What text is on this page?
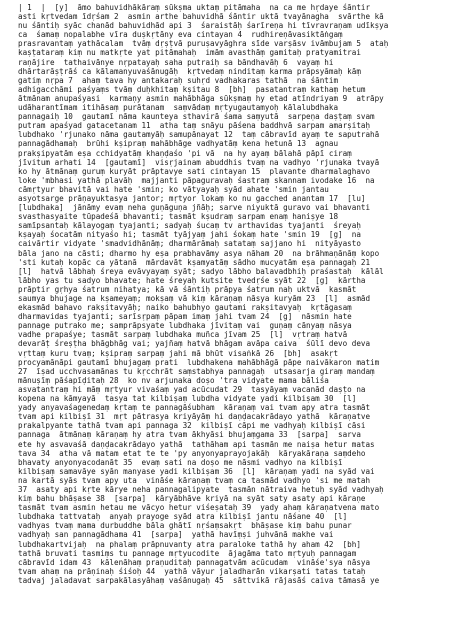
| 1  |  [y]  āmo bahuvidhākāraṃ sūkṣma uktaṃ pitāmaha  na ca me hṛdaye śāntir
asti kṛtvedam īdṛśam 2  asmin arthe bahuvidhā śāntir uktā tvayānagha  svārthe kā
nu śāntiḥ syāc chanād bahuvidhād api 3  śaraistāḥ śarīreṇa hi tīvravraṇam udīkṣya
ca  śamaṃ nopalabhe vīra duṣkṛtāny eva cintayan 4  rudhireṇāvasiktāṅgaṃ
prasravantaṃ yathācalam  tvāṃ dṛṣṭvā puruṣavyāghra sīde varṣāsv ivāmbujam 5  ataḥ
kaṣṭataraṃ kiṃ nu matkṛte yat pitāmahaḥ  imām avasthāṃ gamitaḥ pratyamitrai
raṇājire  tathaivānye nṛpatayaḥ saha putraiḥ sa bāndhavāḥ 6  vayaṃ hi
dhārtarāṣṭrāś ca kālamanyuvaśānugāḥ  kṛtvedaṃ ninditaṃ karma prāpsyāmaḥ kāṃ
gatiṃ nṛpa 7  ahaṃ tava hy antakaraḥ suhṛd vadhakaras tathā  na śāntim
adhigacchāmi paśyaṃs tvāṃ duḥkhitaṃ kṣitau 8  [bh]  pasatantraṃ kathaṃ hetum
ātmānam anupaśyasi  karmaṇy asmin mahābhāga sūkṣmaṃ hy etad atīndriyam 9  atrāpy
udāharantīmam itihāsaṃ purātanam  saṃvādaṃ mṛtyugautamyoḥ kālalubdhaka
pannagaiḥ 10  gautamī nāma kaunteya sthavirā śama saṃyutā  sarpeṇa daṣṭaṃ svam
putram apaśyad gatacetanam 11  atha taṃ snāyu pāśena baddhvā sarpam amarṣitaḥ
lubdhako 'rjunako nāma gautamyāḥ samupānayat 12  taṃ cābravīd ayaṃ te saputrahā
pannagādhamaḥ  brūhi kṣipraṃ mahābhāge vadhyatāṃ kena hetunā 13  agnau
prakṣipyatām eṣa cchidyatāṃ khaṇḍaśo 'pi vā  na hy ayaṃ bālahā pāpī ciraṃ
jīvitum arhati 14  [gautamī]  visṛjainam abuddhis tvaṃ na vadhyo 'rjunaka tvayā
ko hy ātmānaṃ guruṃ kuryāt prāptavye sati cintayan 15  plavante dharmalaghavo
loke 'mbhasi yathā plavāḥ  majjanti pāpaguravaḥ śastraṃ skannam ivodake 16  na
cāmṛtyur bhavitā vai hate 'smin; ko vātyayaḥ syād ahate 'smin jantau
asyotsarge prāṇayuktasya jantor; mṛtyor lokaṃ ko nu gacched anantam 17  [lu]
[lubdhaka]  jānāmy evaṃ neha guṇāguṇa jñāḥ; sarve niyuktā guravo vai bhavanti
svasthasyaite tūpadeśā bhavanti; tasmāt kṣudraṃ sarpam enaṃ haniṣye 18
samīpsantaḥ kālayogaṃ tyajanti; sadyaḥ śucaṃ tv arthavidas tyajanti  śreyaḥ
kṣayaḥ śocatām nityaśo hi; tasmāt tyājyaṃ jahi śokaṃ hate 'smin 19  [g]  na
caivārtir vidyate 'smadvidhānāṃ; dharmārāmaḥ satataṃ sajjano hi  nityāyasto
bāla jano na cāsti; dharmo hy eṣa prabhavāmy asya nāham 20  na brāhmaṇānāṃ kopo
'sti kutaḥ kopāc ca yātanā  mārdavāt kṣamyatāṃ sādho mucyatām eṣa pannagaḥ 21
[l]  hatvā lābhaḥ śreya evāvyayaṃ syāt; sadyo lābho balavadbhiḥ praśastaḥ  kālāl
lābho yas tu sadyo bhavate; hate śreyaḥ kutsite tvedṛśe syāt 22  [g]  kārtha
prāptir gṛhya śatrum nihatya; kā vā śāntiḥ prāpya śatrum naḥ uktvā  kasmāt
saumya bhujage na kṣameyaṃ; mokṣaṃ vā kiṃ kāraṇaṃ nāsya kuryām 23  [l]  asmād
ekasmād bahavo rakṣitavyāḥ; naiko bahubhyo gautami rakṣitavyaḥ  kṛtāgasaṃ
dharmavidas tyajanti; sarīsṛpaṃ pāpam imaṃ jahi tvam 24  [g]  nāsmin hate
pannage putrako me; samprāpsyate lubdhaka jīvitaṃ vai  guṇaṃ cānyaṃ nāsya
vadhe prapaśye; tasmāt sarpaṃ lubdhaka muñca jīvam 25  [l]  vṛtraṃ hatvā
devarāṭ śreṣṭha bhāgbhāg vai; yajñaṃ hatvā bhāgam avāpa caiva  śūlī devo deva
vṛttaṃ kuru tvaṃ; kṣipraṃ sarpaṃ jahi mā bhūt visaṅkā 26  [bh]  asakṛt
procyamānāpi gautamī bhujagaṃ prati  lubdhakena mahābhāgā pāpe naivākaron matim
27  īṣad ucchvasamānas tu kṛcchrāt saṃstabhya pannagaḥ  utsasarja giraṃ mandaṃ
mānuṣīṃ pāśapīḍitaḥ 28  ko nv arjunaka doṣo 'tra vidyate mama bāliśa
asvatantraṃ hi māṃ mṛtyur vivaśaṃ yad acūcudat 29  tasyāyaṃ vacanād daṣṭo na
kopena na kāmyayā  tasya tat kilbiṣaṃ lubdha vidyate yadi kilbiṣam 30  [l]
yady anyavaśagenedaṃ kṛtaṃ te pannagāśubham  kāraṇaṃ vai tvam apy atra tasmāt
tvam api kilbiṣī 31  mṛt pātrasya kriyāyāṃ hi daṇḍacakrādayo yathā  kāraṇatve
prakalpyante tathā tvam api pannaga 32  kilbiṣī cāpi me vadhyaḥ kilbiṣī cāsi
pannaga  ātmānaṃ kāraṇaṃ hy atra tvam ākhyāsi bhujaṃgama 33  [sarpa]  sarva
ete hy asvavaśā daṇḍacakrādayo yathā  tathāham api tasmān me naiṣa hetur matas
tava 34  atha vā matam etat te te 'py anyonyaprayojakāḥ  kāryakāraṇa saṃdeho
bhavaty anyonyacodanāt 35  evaṃ sati na doṣo me nāsmi vadhyo na kilbiṣī
kilbiṣaṃ samavāye syān manyase yadi kilbiṣam 36  [l]  kāraṇaṃ yadi na syād vai
na kartā syās tvam apy uta  vināśe kāraṇaṃ tvaṃ ca tasmād vadhyo 'si me matah
37  asaty api kṛte kārye neha pannagalipyate  tasmān nātraiva hetuḥ syād vadhyaḥ
kiṃ bahu bhāṣase 38  [sarpa]  kāryābhāve kriyā na syāt saty asaty api kāraṇe
tasmāt tvam asmin hetau me vācyo hetur viśeṣataḥ 39  yady ahaṃ kāraṇatvena mato
lubdhaka tattvataḥ  anyaḥ prayoge syād atra kilbiṣī jantu nāśane 40  [l]
vadhyas tvaṃ mama durbuddhe bāla ghātī nṛśaṃsakṛt  bhāṣase kiṃ bahu punar
vadhyaḥ san pannagādhama 41  [sarpa]  yathā havīṃṣi juhvānā makhe vai
lubdhakartvijaḥ  na phalaṃ prāpnuvanty atra paraloke tathā hy aham 42  [bh]
tathā bruvati tasmiṃs tu pannage mṛtyucodite  ājagāma tato mṛtyuḥ pannagam
cābravīd idam 43  kālenāhaṃ praṇuditaḥ pannagatvām acūcudam  vināśe'sya nāsya
tvam ahaṃ na prāṇinaḥ śiśoḥ 44  yathā vāyur jaladharān vikarṣati tatas tataḥ
tadvaj jaladavat sarpakālasyāhaṃ vaśānugaḥ 45  sāttvikā rājasāś caiva tāmasā ye
